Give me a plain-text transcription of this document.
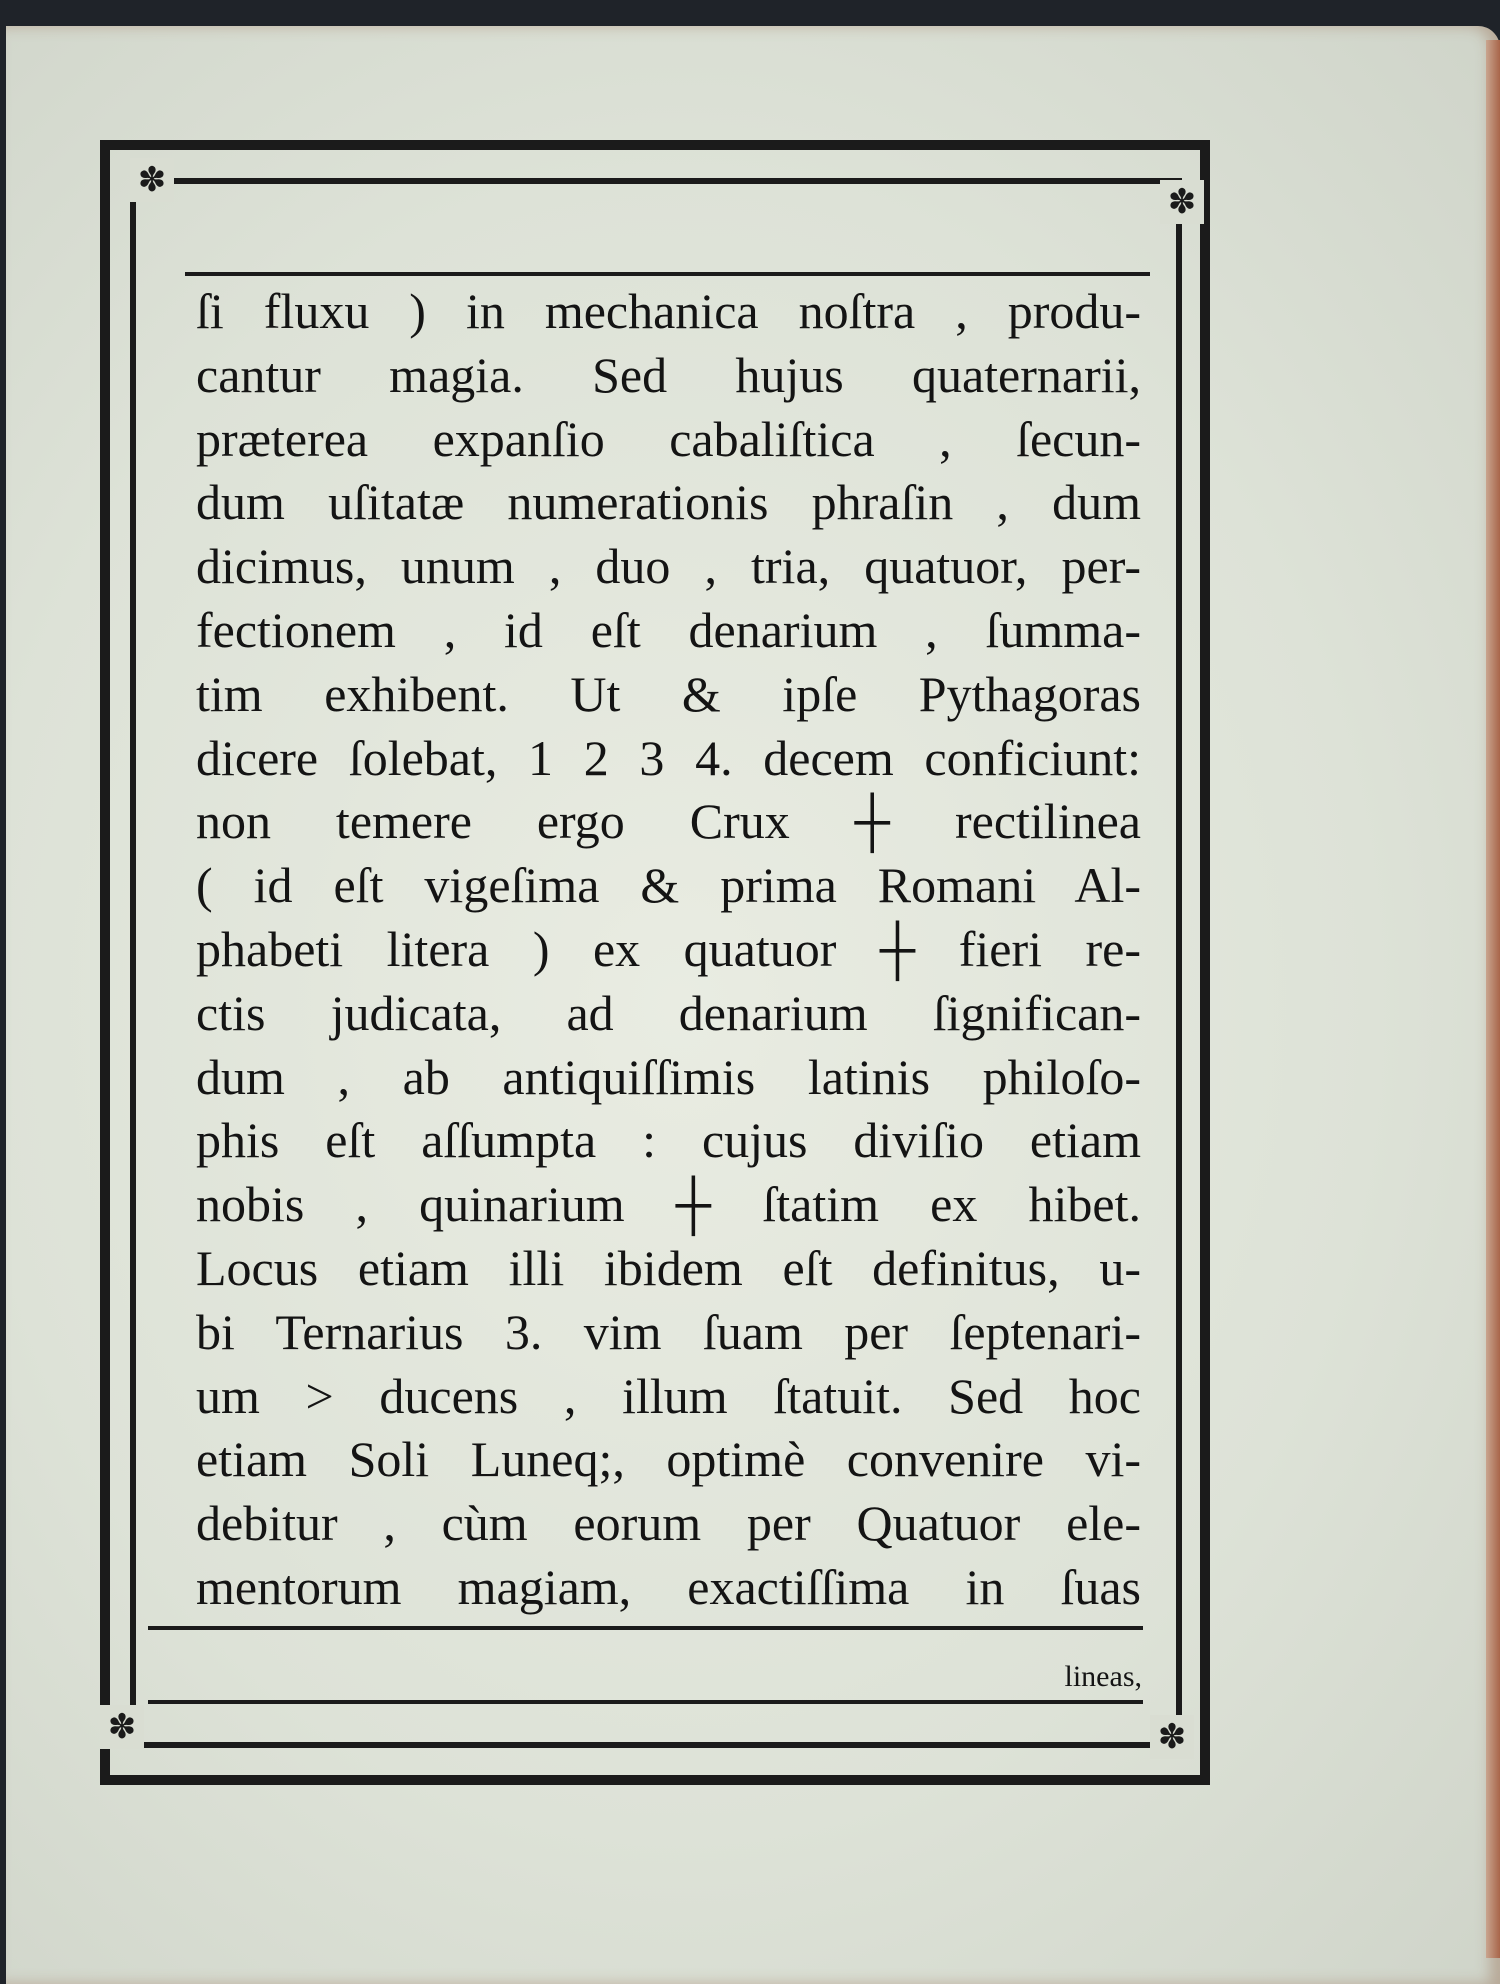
✽
✽
✽	✽
ſi fluxu ) in mechanica noſtra , produ-
cantur magia. Sed hujus quaternarii,
præterea expanſio cabaliſtica , ſecun-
dum uſitatæ numerationis phraſin , dum
dicimus, unum , duo , tria, quatuor, per-
fectionem , id eſt denarium , ſumma-
tim exhibent. Ut & ipſe Pythagoras
dicere ſolebat, 1 2 3 4. decem conficiunt:
non temere ergo Crux ┼ rectilinea
( id eſt vigeſima & prima Romani Al-
phabeti litera ) ex quatuor ┼ fieri re-
ctis judicata, ad denarium ſignifican-
dum , ab antiquiſſimis latinis philoſo-
phis eſt aſſumpta : cujus diviſio etiam
nobis , quinarium ┼ ſtatim ex hibet.
Locus etiam illi ibidem eſt definitus, u-
bi Ternarius 3. vim ſuam per ſeptenari-
um > ducens , illum ſtatuit. Sed hoc
etiam Soli Luneq;, optimè convenire vi-
debitur , cùm eorum per Quatuor ele-
mentorum magiam, exactiſſima in ſuas
lineas,
